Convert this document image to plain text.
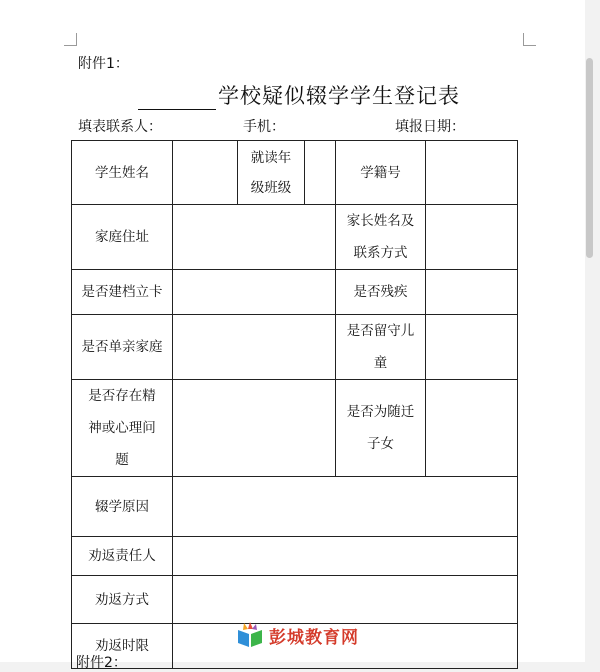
附件1：
学校疑似辍学学生登记表
填表联系人：	手机：	填报日期：
学生姓名		就读年级班级		学籍号	
家庭住址				家长姓名及联系方式	
是否建档立卡				是否残疾	
是否单亲家庭				是否留守儿童	
是否存在精神或心理问题				是否为随迁子女	
辍学原因					
劝返责任人					
劝返方式					
劝返时限					
附件2：
彭城教育网
